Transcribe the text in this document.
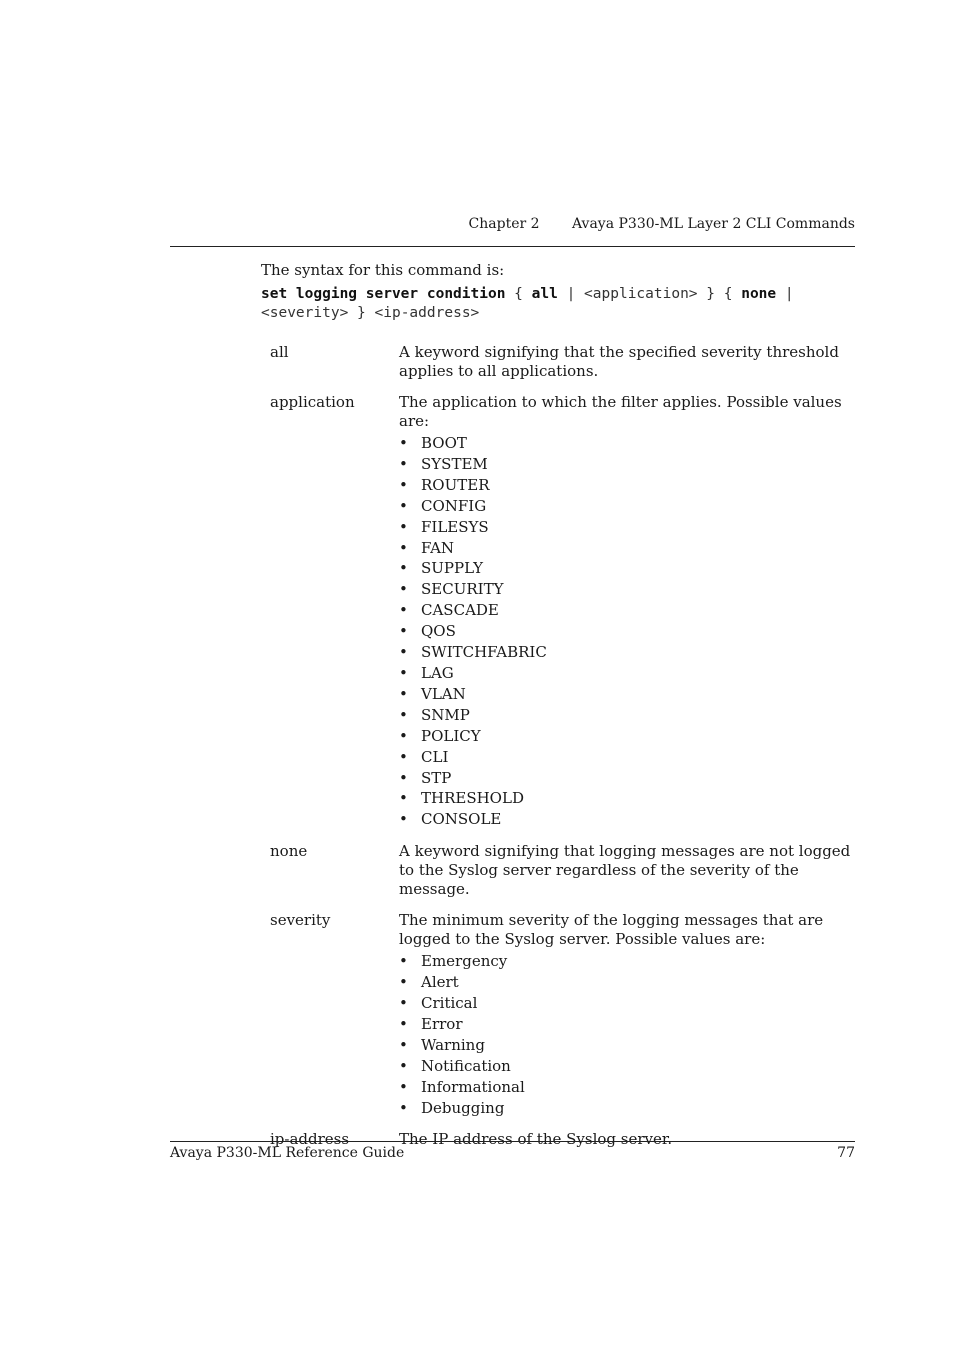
Chapter 2 Avaya P330-ML Layer 2 CLI Commands
The syntax for this command is:
set logging server condition { all | <application> } { none |
<severity> } <ip-address>
all	A keyword signifying that the specified severity threshold applies to all applications.
application	The application to which the filter applies. Possible values are:
• BOOT
• SYSTEM
• ROUTER
• CONFIG
• FILESYS
• FAN
• SUPPLY
• SECURITY
• CASCADE
• QOS
• SWITCHFABRIC
• LAG
• VLAN
• SNMP
• POLICY
• CLI
• STP
• THRESHOLD
• CONSOLE
none	A keyword signifying that logging messages are not logged to the Syslog server regardless of the severity of the message.
severity	The minimum severity of the logging messages that are logged to the Syslog server. Possible values are:
• Emergency
• Alert
• Critical
• Error
• Warning
• Notification
• Informational
• Debugging
ip-address	The IP address of the Syslog server.
Avaya P330-ML Reference Guide	77
